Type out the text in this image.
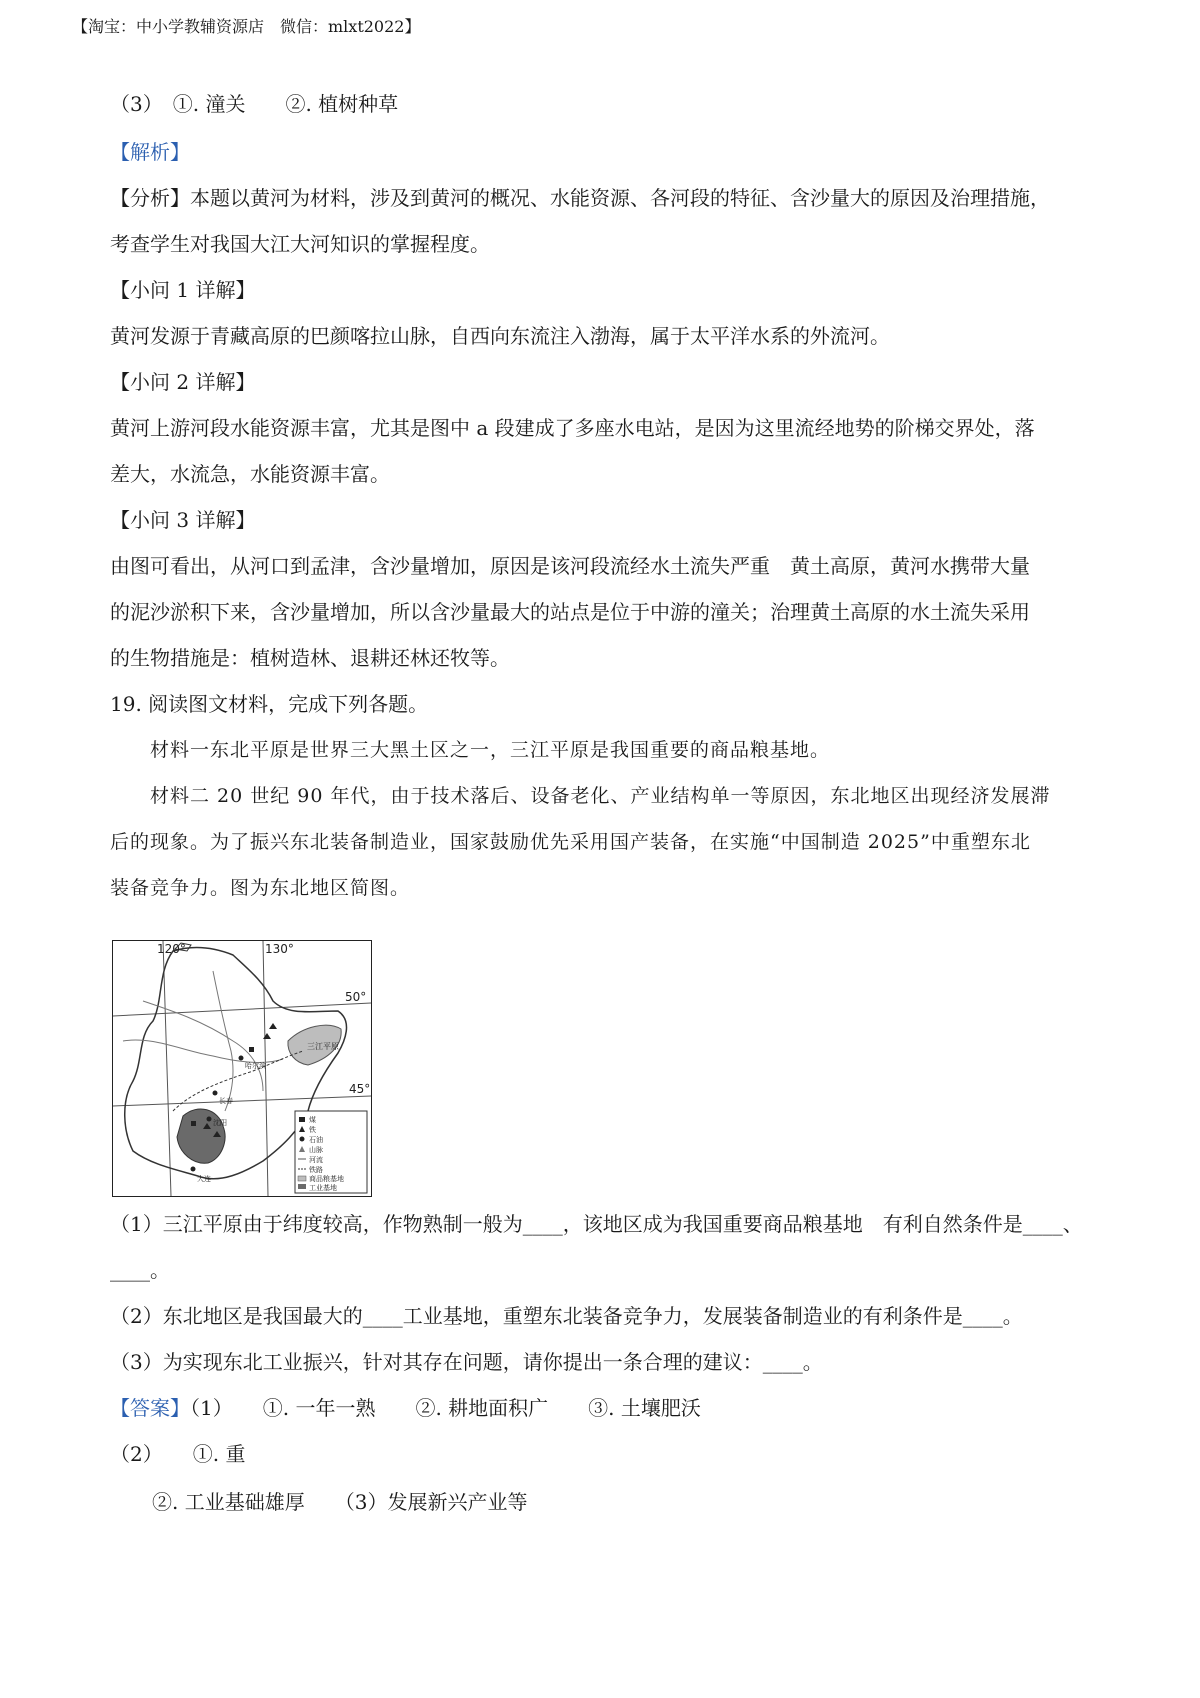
【淘宝：中小学教辅资源店　微信：mlxt2022】
（3）　①. 潼关　　②. 植树种草
【解析】
【分析】本题以黄河为材料，涉及到黄河的概况、水能资源、各河段的特征、含沙量大的原因及治理措施，
考查学生对我国大江大河知识的掌握程度。
【小问 1 详解】
黄河发源于青藏高原的巴颜喀拉山脉，自西向东流注入渤海，属于太平洋水系的外流河。
【小问 2 详解】
黄河上游河段水能资源丰富，尤其是图中 a 段建成了多座水电站，是因为这里流经地势的阶梯交界处，落
差大，水流急，水能资源丰富。
【小问 3 详解】
由图可看出，从河口到孟津，含沙量增加，原因是该河段流经水土流失严重　黄土高原，黄河水携带大量
的泥沙淤积下来，含沙量增加，所以含沙量最大的站点是位于中游的潼关；治理黄土高原的水土流失采用
的生物措施是：植树造林、退耕还林还牧等。
19. 阅读图文材料，完成下列各题。
材料一东北平原是世界三大黑土区之一，三江平原是我国重要的商品粮基地。
材料二 20 世纪 90 年代，由于技术落后、设备老化、产业结构单一等原因，东北地区出现经济发展滞
后的现象。为了振兴东北装备制造业，国家鼓励优先采用国产装备，在实施“中国制造 2025”中重塑东北
装备竞争力。图为东北地区简图。
120°	130°
50°
45°
三江平原
哈尔滨
长春
沈阳
大连
煤
铁
石油
山脉
河流
铁路
商品粮基地
工业基地
（1）三江平原由于纬度较高，作物熟制一般为____，该地区成为我国重要商品粮基地　有利自然条件是____、
____。
（2）东北地区是我国最大的____工业基地，重塑东北装备竞争力，发展装备制造业的有利条件是____。
（3）为实现东北工业振兴，针对其存在问题，请你提出一条合理的建议：____。
【答案】（1）　　①. 一年一熟　　②. 耕地面积广　　③. 土壤肥沃
（2）　　①. 重
②. 工业基础雄厚　　（3）发展新兴产业等
